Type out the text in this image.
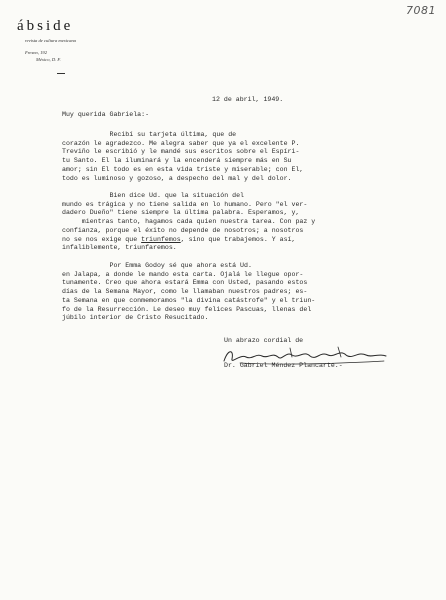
7081
ábside
revista de cultura mexicana
Fresno, 192
México, D. F.
12 de abril, 1949.
Muy querida Gabriela:-
Recibí su tarjeta última, que de
corazón le agradezco. Me alegra saber que ya el excelente P.
Treviño le escribió y le mandé sus escritos sobre el Espíri-
tu Santo. El la iluminará y la encenderá siempre más en Su
amor; sin El todo es en esta vida triste y miserable; con El,
todo es luminoso y gozoso, a despecho del mal y del dolor.
Bien dice Ud. que la situación del
mundo es trágica y no tiene salida en lo humano. Pero "el ver-
dadero Dueño" tiene siempre la última palabra. Esperamos, y,
mientras tanto, hagamos cada quien nuestra tarea. Con paz y
confianza, porque el éxito no depende de nosotros; a nosotros
no se nos exige que triunfemos, sino que trabajemos. Y así,
infaliblemente, triunfaremos.
Por Emma Godoy sé que ahora está Ud.
en Jalapa, a donde le mando esta carta. Ojalá le llegue opor-
tunamente. Creo que ahora estará Emma con Usted, pasando estos
días de la Semana Mayor, como le llamaban nuestros padres; es-
ta Semana en que conmemoramos "la divina catástrofe" y el triun-
fo de la Resurrección. Le deseo muy felices Pascuas, llenas del
júbilo interior de Cristo Resucitado.
Un abrazo cordial de
Dr. Gabriel Méndez Plancarte.-
